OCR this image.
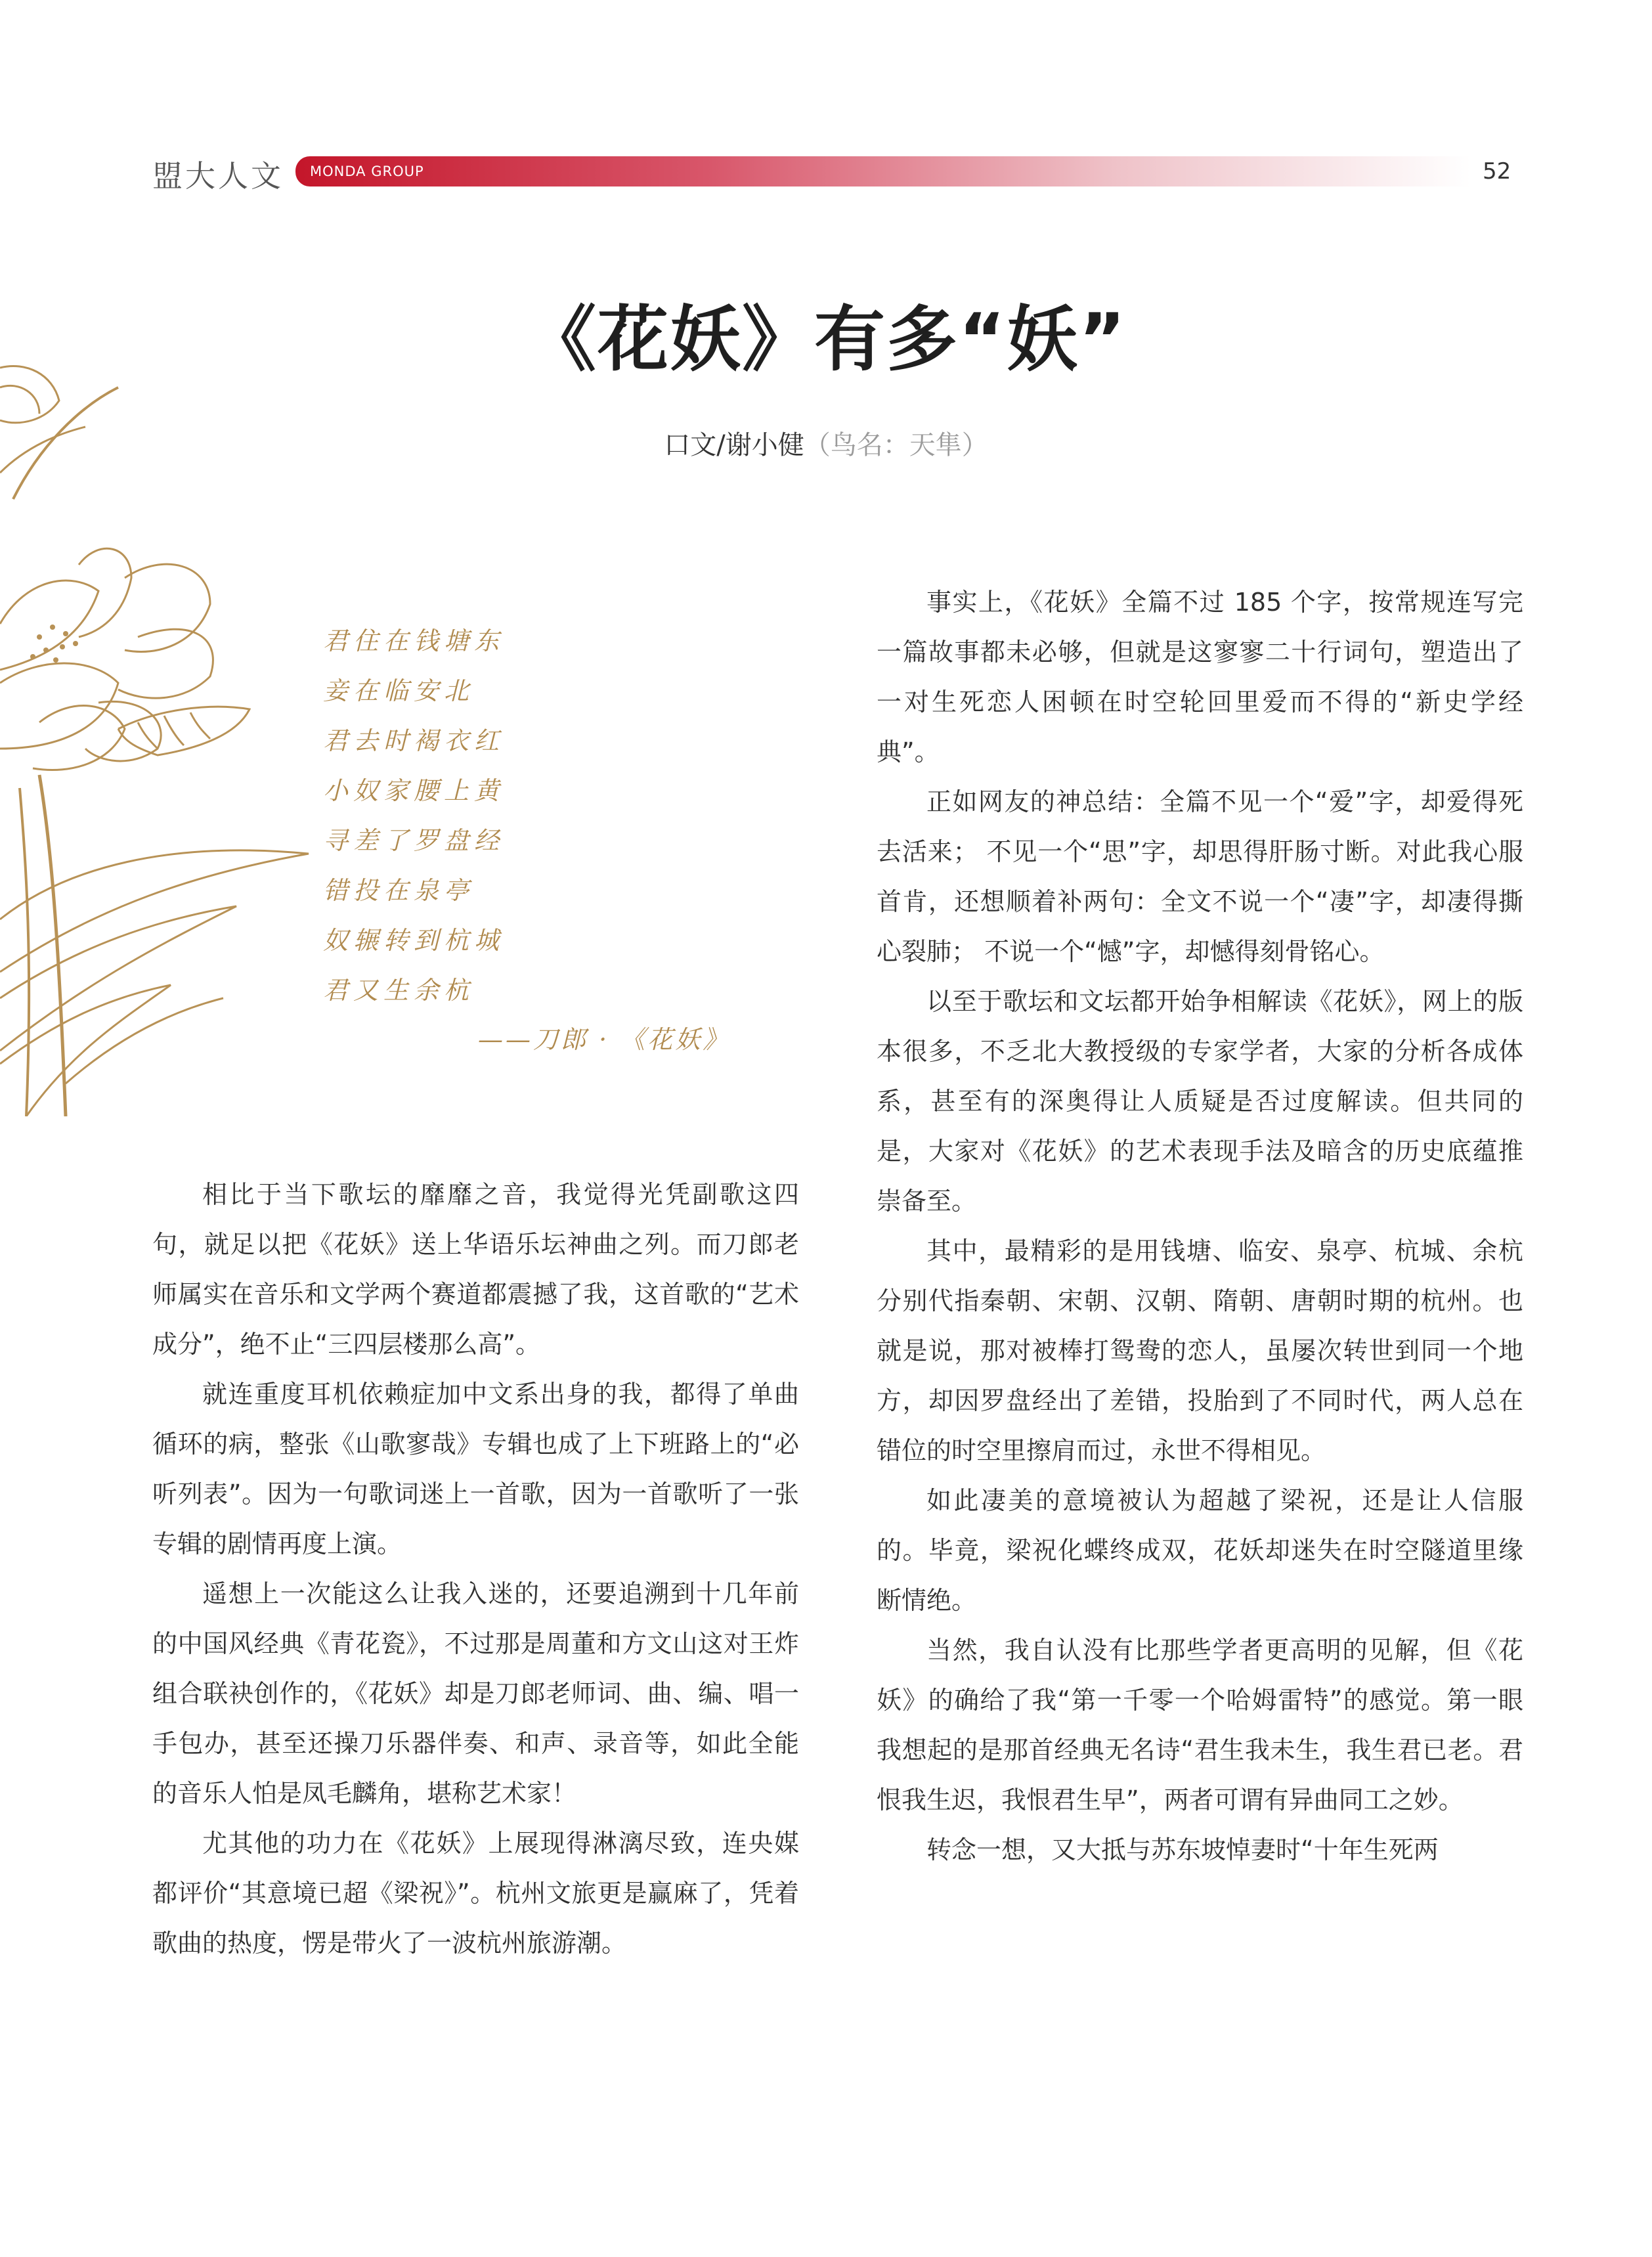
盟大人文 MONDA GROUP	52
《花妖》有多“妖”
口文/谢小健（鸟名：天隼）
君住在钱塘东
妾在临安北
君去时褐衣红
小奴家腰上黄
寻差了罗盘经
错投在泉亭
奴辗转到杭城
君又生余杭
——刀郎 · 《花妖》

相比于当下歌坛的靡靡之音，我觉得光凭副歌这四句，就足以把《花妖》送上华语乐坛神曲之列。而刀郎老师属实在音乐和文学两个赛道都震撼了我，这首歌的“艺术成分”，绝不止“三四层楼那么高”。

就连重度耳机依赖症加中文系出身的我，都得了单曲循环的病，整张《山歌寥哉》专辑也成了上下班路上的“必听列表”。因为一句歌词迷上一首歌，因为一首歌听了一张专辑的剧情再度上演。

遥想上一次能这么让我入迷的，还要追溯到十几年前的中国风经典《青花瓷》，不过那是周董和方文山这对王炸组合联袂创作的，《花妖》却是刀郎老师词、曲、编、唱一手包办，甚至还操刀乐器伴奏、和声、录音等，如此全能的音乐人怕是凤毛麟角，堪称艺术家！

尤其他的功力在《花妖》上展现得淋漓尽致，连央媒都评价“其意境已超《梁祝》”。杭州文旅更是赢麻了，凭着歌曲的热度，愣是带火了一波杭州旅游潮。

事实上，《花妖》全篇不过 185 个字，按常规连写完一篇故事都未必够，但就是这寥寥二十行词句，塑造出了一对生死恋人困顿在时空轮回里爱而不得的“新史学经典”。

正如网友的神总结：全篇不见一个“爱”字，却爱得死去活来； 不见一个“思”字，却思得肝肠寸断。对此我心服首肯，还想顺着补两句：全文不说一个“凄”字，却凄得撕心裂肺； 不说一个“憾”字，却憾得刻骨铭心。

以至于歌坛和文坛都开始争相解读《花妖》，网上的版本很多，不乏北大教授级的专家学者，大家的分析各成体系，甚至有的深奥得让人质疑是否过度解读。但共同的是，大家对《花妖》的艺术表现手法及暗含的历史底蕴推崇备至。

其中，最精彩的是用钱塘、临安、泉亭、杭城、余杭分别代指秦朝、宋朝、汉朝、隋朝、唐朝时期的杭州。也就是说，那对被棒打鸳鸯的恋人，虽屡次转世到同一个地方，却因罗盘经出了差错，投胎到了不同时代，两人总在错位的时空里擦肩而过，永世不得相见。

如此凄美的意境被认为超越了梁祝，还是让人信服的。毕竟，梁祝化蝶终成双，花妖却迷失在时空隧道里缘断情绝。

当然，我自认没有比那些学者更高明的见解，但《花妖》的确给了我“第一千零一个哈姆雷特”的感觉。第一眼我想起的是那首经典无名诗“君生我未生，我生君已老。君恨我生迟，我恨君生早”，两者可谓有异曲同工之妙。

转念一想，又大抵与苏东坡悼妻时“十年生死两
